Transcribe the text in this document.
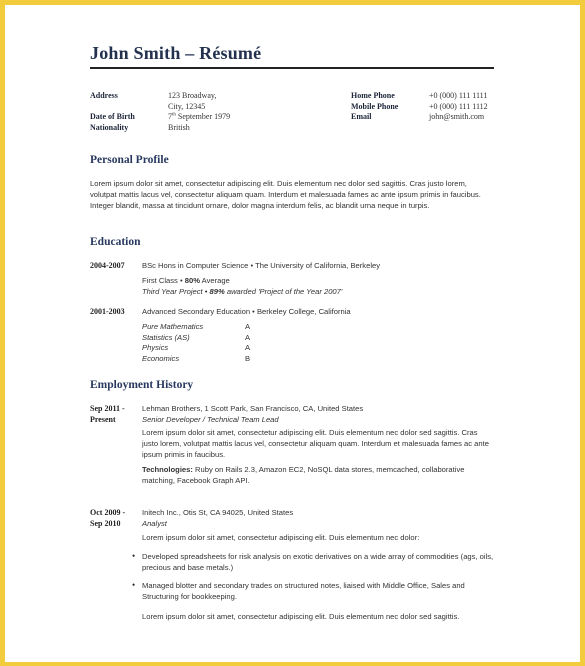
John Smith – Résumé
Address	123 Broadway,
City, 12345
Date of Birth	7th September 1979
Nationality	British
Home Phone	+0 (000) 111 1111
Mobile Phone	+0 (000) 111 1112
Email	john@smith.com
Personal Profile
Lorem ipsum dolor sit amet, consectetur adipiscing elit. Duis elementum nec dolor sed sagittis. Cras justo lorem, volutpat mattis lacus vel, consectetur aliquam quam. Interdum et malesuada fames ac ante ipsum primis in faucibus. Integer blandit, massa at tincidunt ornare, dolor magna interdum felis, ac blandit urna neque in turpis.
Education
2004-2007 BSc Hons in Computer Science • The University of California, Berkeley
First Class • 80% Average
Third Year Project • 89% awarded 'Project of the Year 2007'
2001-2003 Advanced Secondary Education • Berkeley College, California
Pure Mathematics	A
Statistics (AS)	A
Physics	A
Economics	B
Employment History
Sep 2011 -
Present
Lehman Brothers, 1 Scott Park, San Francisco, CA, United States
Senior Developer / Technical Team Lead
Lorem ipsum dolor sit amet, consectetur adipiscing elit. Duis elementum nec dolor sed sagittis. Cras justo lorem, volutpat mattis lacus vel, consectetur aliquam quam. Interdum et malesuada fames ac ante ipsum primis in faucibus.
Technologies: Ruby on Rails 2.3, Amazon EC2, NoSQL data stores, memcached, collaborative matching, Facebook Graph API.
Oct 2009 -
Sep 2010
Initech Inc., Otis St, CA 94025, United States
Analyst
Lorem ipsum dolor sit amet, consectetur adipiscing elit. Duis elementum nec dolor:
• Developed spreadsheets for risk analysis on exotic derivatives on a wide array of commodities (ags, oils, precious and base metals.)
• Managed blotter and secondary trades on structured notes, liaised with Middle Office, Sales and Structuring for bookkeeping.
Lorem ipsum dolor sit amet, consectetur adipiscing elit. Duis elementum nec dolor sed sagittis.
